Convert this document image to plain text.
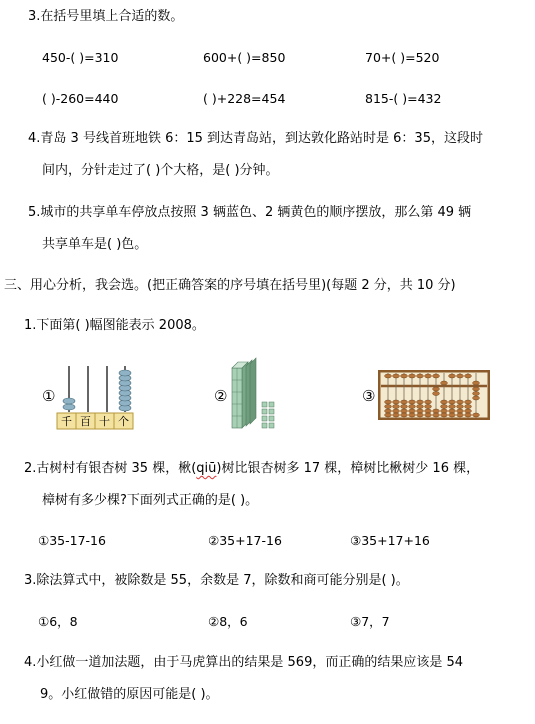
3.在括号里填上合适的数。
450-( )=310	600+( )=850	70+( )=520
( )-260=440	( )+228=454	815-( )=432
4.青岛 3 号线首班地铁 6：15 到达青岛站，到达敦化路站时是 6：35，这段时
间内，分针走过了( )个大格，是( )分钟。
5.城市的共享单车停放点按照 3 辆蓝色、2 辆黄色的顺序摆放，那么第 49 辆
共享单车是( )色。
三、用心分析，我会选。(把正确答案的序号填在括号里)(每题 2 分，共 10 分)
1.下面第( )幅图能表示 2008。
①	②	③
千 百 十 个
2.古树村有银杏树 35 棵，楸(qiū)树比银杏树多 17 棵，樟树比楸树少 16 棵，
樟树有多少棵?下面列式正确的是( )。
①35-17-16	②35+17-16	③35+17+16
3.除法算式中，被除数是 55，余数是 7，除数和商可能分别是( )。
①6，8	②8，6	③7，7
4.小红做一道加法题，由于马虎算出的结果是 569，而正确的结果应该是 54
9。小红做错的原因可能是( )。
